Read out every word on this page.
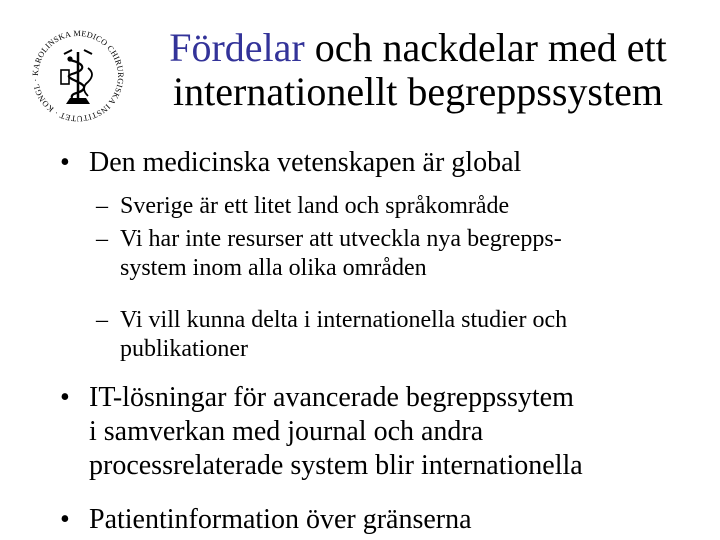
KAROLINSKA MEDICO CHIRURGISKA INSTITUTET · KONGL ·
Fördelar och nackdelar med ett
internationellt begreppssystem
• Den medicinska vetenskapen är global
– Sverige är ett litet land och språkområde
– Vi har inte resurser att utveckla nya begrepps-
system inom alla olika områden
– Vi vill kunna delta i internationella studier och
publikationer
• IT-lösningar för avancerade begreppssytem
i samverkan med journal och andra
processrelaterade system blir internationella
• Patientinformation över gränserna
